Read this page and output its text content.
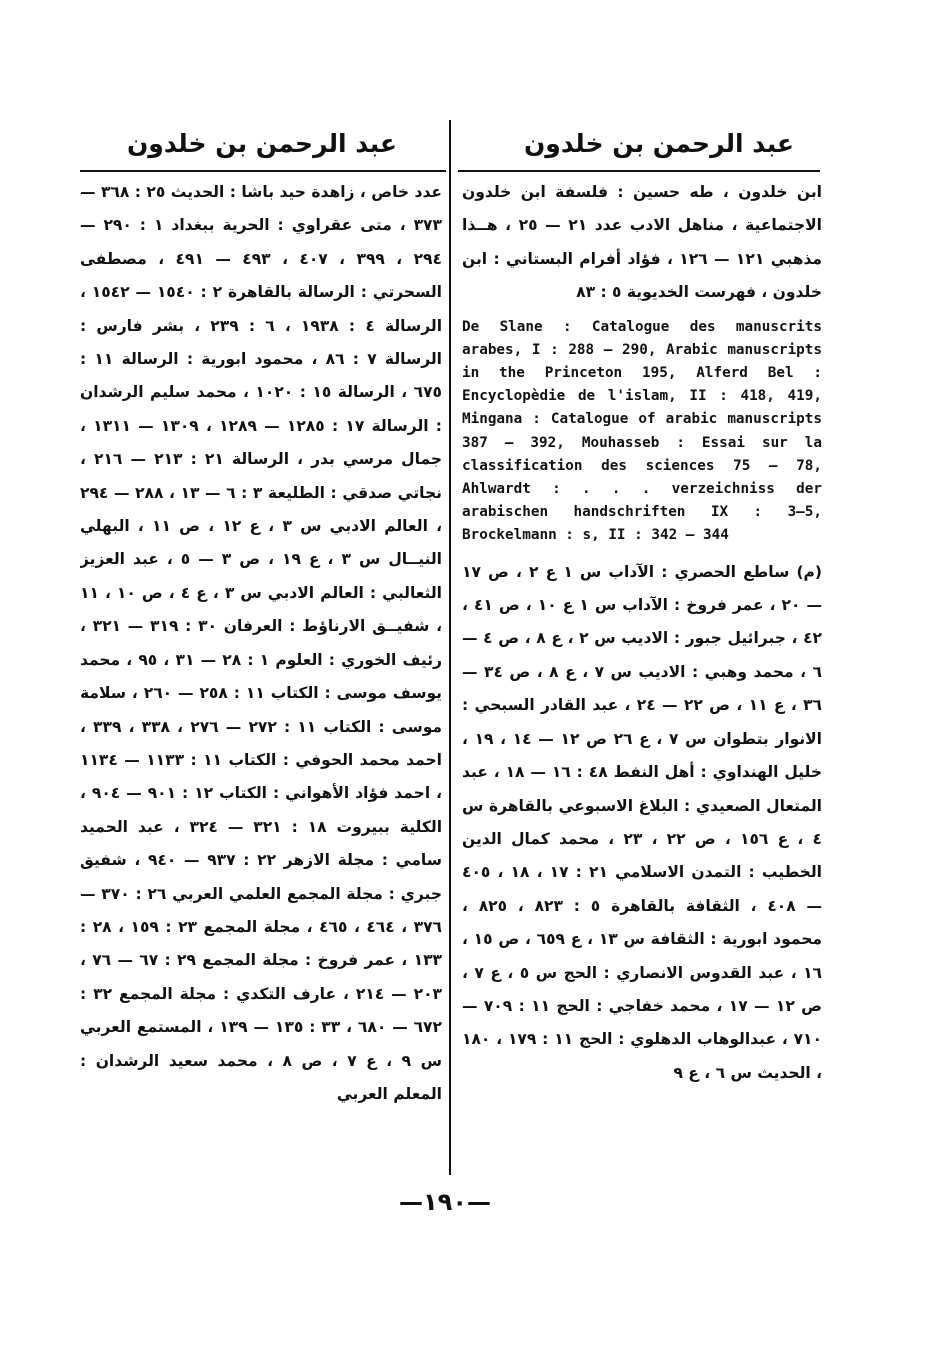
عبد الرحمن بن خلدون
عبد الرحمن بن خلدون

ابن خلدون ، طه حسين : فلسفة ابن خلدون الاجتماعية ، مناهل الادب عدد ٢١ — ٢٥ ، هــذا مذهبي ١٢١ — ١٢٦ ، فؤاد أفرام البستاني : ابن خلدون ، فهرست الخديوية ٥ : ٨٣

De Slane : Catalogue des manuscrits arabes, I : 288 — 290, Arabic manuscripts in the Princeton 195, Alferd Bel : Encyclopèdie de l'islam, II : 418, 419, Mingana : Catalogue of arabic manuscripts 387 — 392, Mouhasseb : Essai sur la classification des sciences 75 — 78, Ahlwardt : . . . verzeichniss der arabischen handschriften IX : 3—5, Brockelmann : s, II : 342 — 344

(م) ساطع الحصري : الآداب س ١ ع ٢ ، ص ١٧ — ٢٠ ، عمر فروخ : الآداب س ١ ع ١٠ ، ص ٤١ ، ٤٢ ، جبرائيل جبور : الاديب س ٢ ، ع ٨ ، ص ٤ — ٦ ، محمد وهبي : الاديب س ٧ ، ع ٨ ، ص ٣٤ — ٣٦ ، ع ١١ ، ص ٢٢ — ٢٤ ، عبد القادر السبحي : الانوار بتطوان س ٧ ، ع ٢٦ ص ١٢ — ١٤ ، ١٩ ، خليل الهنداوي : أهل النفط ٤٨ : ١٦ — ١٨ ، عبد المتعال الصعيدي : البلاغ الاسبوعي بالقاهرة س ٤ ، ع ١٥٦ ، ص ٢٢ ، ٢٣ ، محمد كمال الدين الخطيب : التمدن الاسلامي ٢١ : ١٧ ، ١٨ ، ٤٠٥ — ٤٠٨ ، الثقافة بالقاهرة ٥ : ٨٢٣ ، ٨٢٥ ، محمود ابورية : الثقافة س ١٣ ، ع ٦٥٩ ، ص ١٥ ، ١٦ ، عبد القدوس الانصاري : الحج س ٥ ، ع ٧ ، ص ١٢ — ١٧ ، محمد خفاجي : الحج ١١ : ٧٠٩ — ٧١٠ ، عبدالوهاب الدهلوي : الحج ١١ : ١٧٩ ، ١٨٠ ، الحديث س ٦ ، ع ٩

عدد خاص ، زاهدة حيد باشا : الحديث ٢٥ : ٣٦٨ — ٣٧٣ ، متى عقراوي : الحرية ببغداد ١ : ٢٩٠ — ٢٩٤ ، ٣٩٩ ، ٤٠٧ ، ٤٩٣ — ٤٩١ ، مصطفى السحرتي : الرسالة بالقاهرة ٢ : ١٥٤٠ — ١٥٤٢ ، الرسالة ٤ : ١٩٣٨ ، ٦ : ٢٣٩ ، بشر فارس : الرسالة ٧ : ٨٦ ، محمود ابورية : الرسالة ١١ : ٦٧٥ ، الرسالة ١٥ : ١٠٢٠ ، محمد سليم الرشدان : الرسالة ١٧ : ١٢٨٥ — ١٢٨٩ ، ١٣٠٩ — ١٣١١ ، جمال مرسي بدر ، الرسالة ٢١ : ٢١٣ — ٢١٦ ، نجاتي صدقي : الطليعة ٣ : ٦ — ١٣ ، ٢٨٨ — ٢٩٤ ، العالم الادبي س ٣ ، ع ١٢ ، ص ١١ ، البهلي النيــال س ٣ ، ع ١٩ ، ص ٣ — ٥ ، عبد العزيز الثعالبي : العالم الادبي س ٣ ، ع ٤ ، ص ١٠ ، ١١ ، شفيــق الارناؤط : العرفان ٣٠ : ٣١٩ — ٣٢١ ، رئيف الخوري : العلوم ١ : ٢٨ — ٣١ ، ٩٥ ، محمد يوسف موسى : الكتاب ١١ : ٢٥٨ — ٢٦٠ ، سلامة موسى : الكتاب ١١ : ٢٧٢ — ٢٧٦ ، ٣٣٨ ، ٣٣٩ ، احمد محمد الحوفي : الكتاب ١١ : ١١٣٣ — ١١٣٤ ، احمد فؤاد الأهواني : الكتاب ١٢ : ٩٠١ — ٩٠٤ ، الكلية ببيروت ١٨ : ٣٢١ — ٣٢٤ ، عبد الحميد سامي : مجلة الازهر ٢٢ : ٩٣٧ — ٩٤٠ ، شفيق جبري : مجلة المجمع العلمي العربي ٢٦ : ٣٧٠ — ٣٧٦ ، ٤٦٤ ، ٤٦٥ ، مجلة المجمع ٢٣ : ١٥٩ ، ٢٨ : ١٣٣ ، عمر فروخ : مجلة المجمع ٢٩ : ٦٧ — ٧٦ ، ٢٠٣ — ٢١٤ ، عارف التكدي : مجلة المجمع ٣٢ : ٦٧٢ — ٦٨٠ ، ٣٣ : ١٣٥ — ١٣٩ ، المستمع العربي س ٩ ، ع ٧ ، ص ٨ ، محمد سعيد الرشدان : المعلم العربي

—١٩٠—
